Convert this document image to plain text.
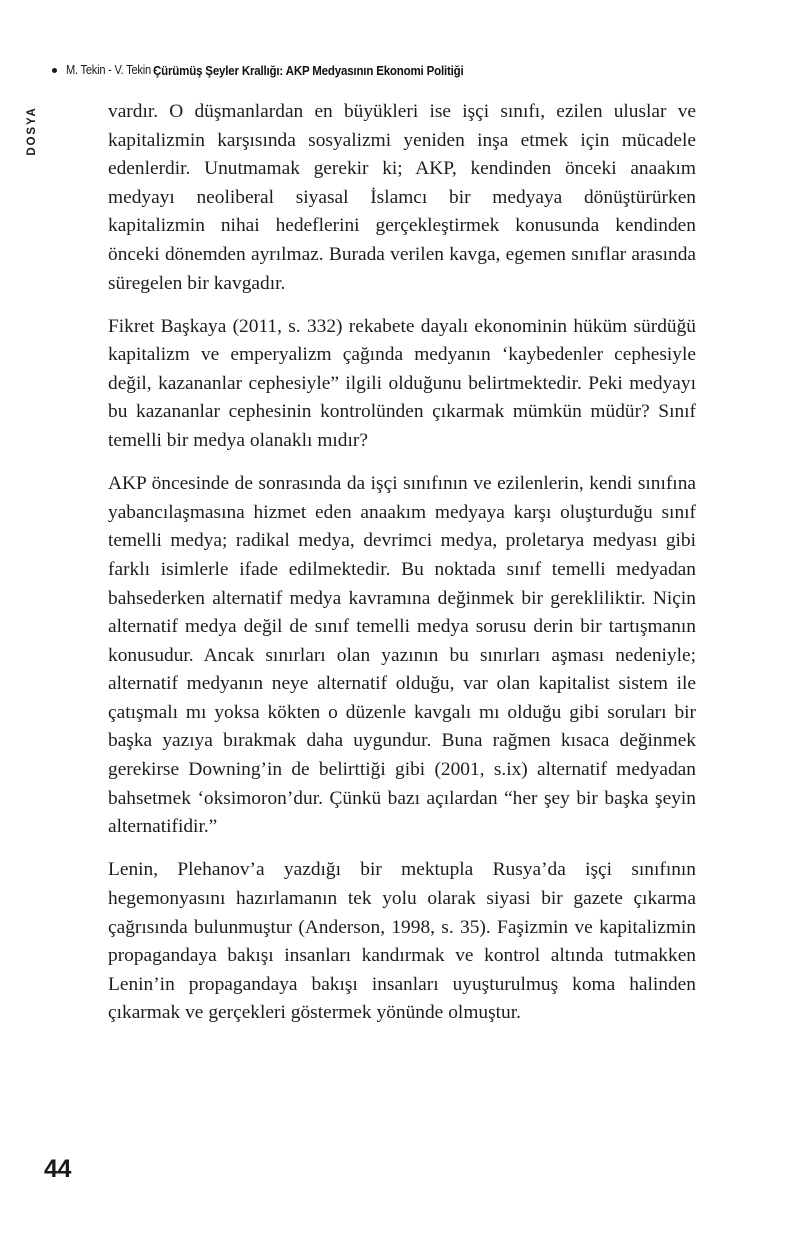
M. Tekin - V. Tekin -
Çürümüş Şeyler Krallığı: AKP Medyasının Ekonomi Politiği
DOSYA	vardır. O düşmanlardan en büyükleri ise işçi sınıfı, ezilen uluslar ve kapitalizmin karşısında sosyalizmi yeniden inşa etmek için mücadele edenlerdir. Unutmamak gerekir ki; AKP, kendinden önceki anaakım medyayı neoliberal siyasal İslamcı bir medyaya dönüştürürken kapitalizmin nihai hedeflerini gerçekleştirmek konusunda kendinden önceki dönemden ayrılmaz. Burada verilen kavga, egemen sınıflar arasında süregelen bir kavgadır.

Fikret Başkaya (2011, s. 332) rekabete dayalı ekonominin hüküm sürdüğü kapitalizm ve emperyalizm çağında medyanın ‘kaybedenler cephesiyle değil, kazananlar cephesiyle” ilgili olduğunu belirtmektedir. Peki medyayı bu kazananlar cephesinin kontrolünden çıkarmak mümkün müdür? Sınıf temelli bir medya olanaklı mıdır?

AKP öncesinde de sonrasında da işçi sınıfının ve ezilenlerin, kendi sınıfına yabancılaşmasına hizmet eden anaakım medyaya karşı oluşturduğu sınıf temelli medya; radikal medya, devrimci medya, proletarya medyası gibi farklı isimlerle ifade edilmektedir. Bu noktada sınıf temelli medyadan bahsederken alternatif medya kavramına değinmek bir gerekliliktir. Niçin alternatif medya değil de sınıf temelli medya sorusu derin bir tartışmanın konusudur. Ancak sınırları olan yazının bu sınırları aşması nedeniyle; alternatif medyanın neye alternatif olduğu, var olan kapitalist sistem ile çatışmalı mı yoksa kökten o düzenle kavgalı mı olduğu gibi soruları bir başka yazıya bırakmak daha uygundur. Buna rağmen kısaca değinmek gerekirse Downing’in de belirttiği gibi (2001, s.ix) alternatif medyadan bahsetmek ‘oksimoron’dur. Çünkü bazı açılardan “her şey bir başka şeyin alternatifidir.”

Lenin, Plehanov’a yazdığı bir mektupla Rusya’da işçi sınıfının hegemonyasını hazırlamanın tek yolu olarak siyasi bir gazete çıkarma çağrısında bulunmuştur (Anderson, 1998, s. 35). Faşizmin ve kapitalizmin propagandaya bakışı insanları kandırmak ve kontrol altında tutmakken Lenin’in propagandaya bakışı insanları uyuşturulmuş koma halinden çıkarmak ve gerçekleri göstermek yönünde olmuştur.

44
